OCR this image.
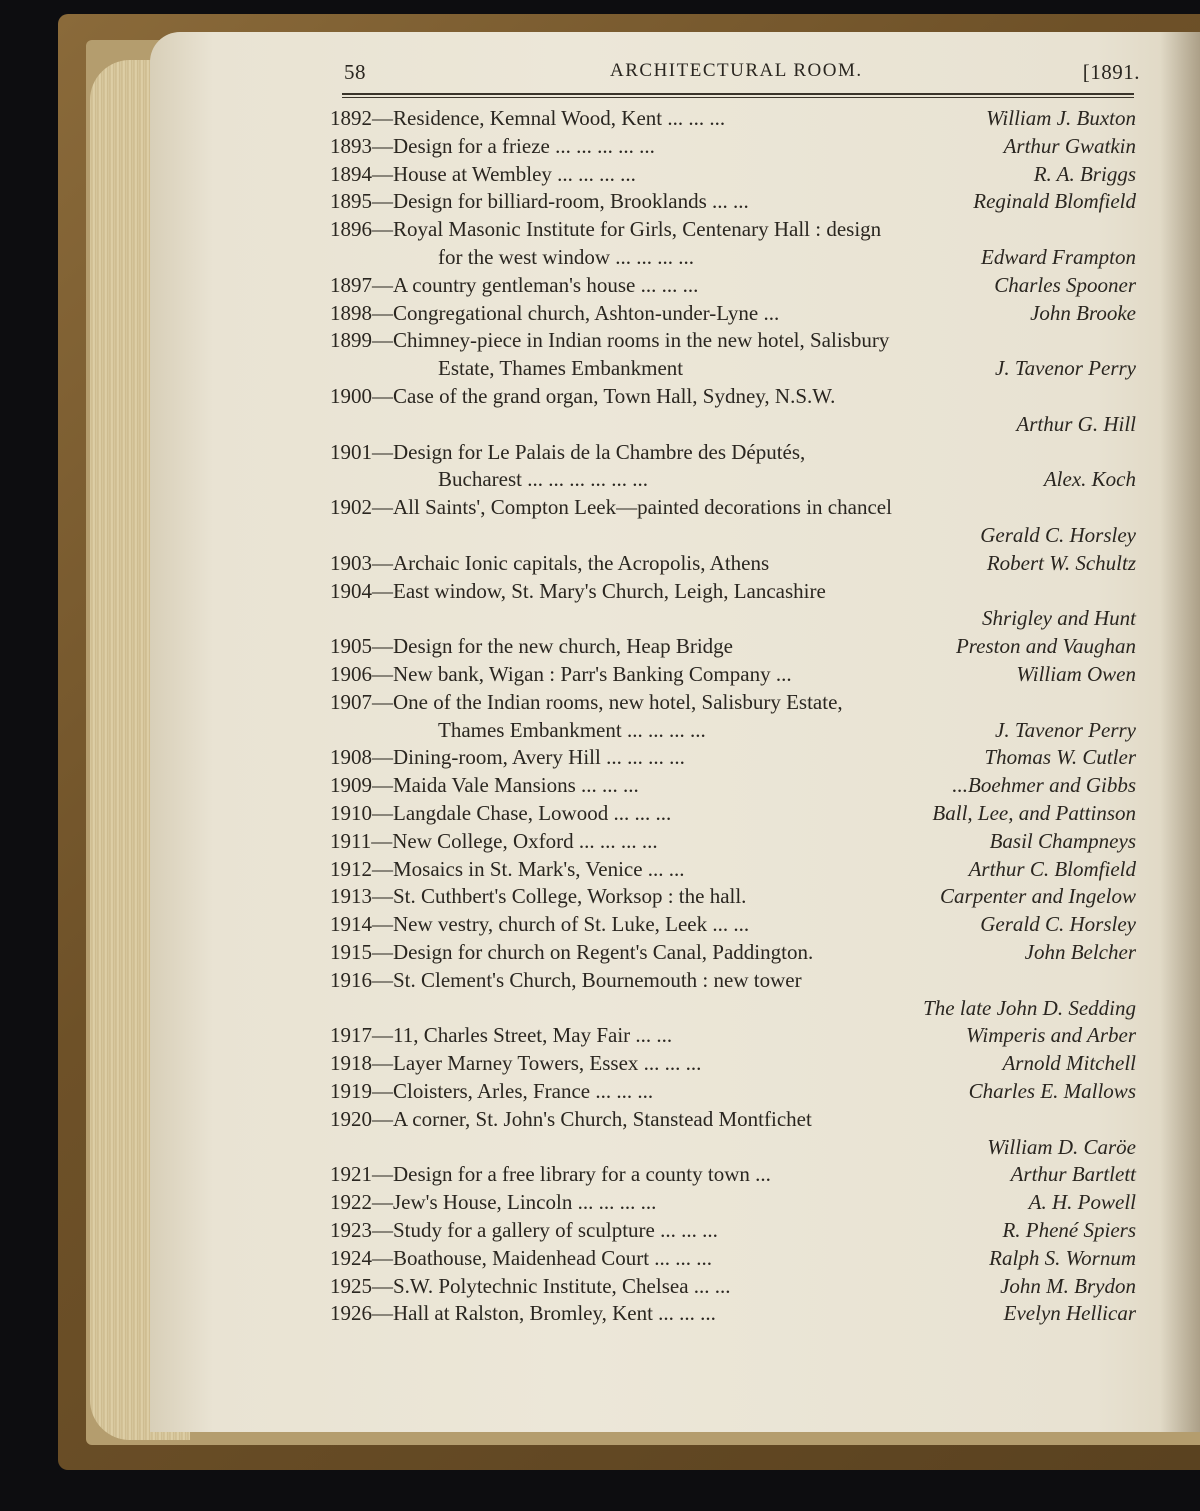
58	ARCHITECTURAL ROOM.	[1891.
1892—Residence, Kemnal Wood, Kent ... ... ...	William J. Buxton
1893—Design for a frieze ... ... ... ... ...	Arthur Gwatkin
1894—House at Wembley ... ... ... ...	R. A. Briggs
1895—Design for billiard-room, Brooklands ... ...	Reginald Blomfield
1896—Royal Masonic Institute for Girls, Centenary Hall : design
for the west window ... ... ... ...	Edward Frampton
1897—A country gentleman's house ... ... ...	Charles Spooner
1898—Congregational church, Ashton-under-Lyne ...	John Brooke
1899—Chimney-piece in Indian rooms in the new hotel, Salisbury
Estate, Thames Embankment	J. Tavenor Perry
1900—Case of the grand organ, Town Hall, Sydney, N.S.W.
Arthur G. Hill
1901—Design for Le Palais de la Chambre des Députés,
Bucharest ... ... ... ... ... ...	Alex. Koch
1902—All Saints', Compton Leek—painted decorations in chancel
Gerald C. Horsley
1903—Archaic Ionic capitals, the Acropolis, Athens	Robert W. Schultz
1904—East window, St. Mary's Church, Leigh, Lancashire
Shrigley and Hunt
1905—Design for the new church, Heap Bridge	Preston and Vaughan
1906—New bank, Wigan : Parr's Banking Company ...	William Owen
1907—One of the Indian rooms, new hotel, Salisbury Estate,
Thames Embankment ... ... ... ...	J. Tavenor Perry
1908—Dining-room, Avery Hill ... ... ... ...	Thomas W. Cutler
1909—Maida Vale Mansions ... ... ...	...Boehmer and Gibbs
1910—Langdale Chase, Lowood ... ... ...	Ball, Lee, and Pattinson
1911—New College, Oxford ... ... ... ...	Basil Champneys
1912—Mosaics in St. Mark's, Venice ... ...	Arthur C. Blomfield
1913—St. Cuthbert's College, Worksop : the hall.	Carpenter and Ingelow
1914—New vestry, church of St. Luke, Leek ... ...	Gerald C. Horsley
1915—Design for church on Regent's Canal, Paddington.	John Belcher
1916—St. Clement's Church, Bournemouth : new tower
The late John D. Sedding
1917—11, Charles Street, May Fair ... ...	Wimperis and Arber
1918—Layer Marney Towers, Essex ... ... ...	Arnold Mitchell
1919—Cloisters, Arles, France ... ... ...	Charles E. Mallows
1920—A corner, St. John's Church, Stanstead Montfichet
William D. Caröe
1921—Design for a free library for a county town ...	Arthur Bartlett
1922—Jew's House, Lincoln ... ... ... ...	A. H. Powell
1923—Study for a gallery of sculpture ... ... ...	R. Phené Spiers
1924—Boathouse, Maidenhead Court ... ... ...	Ralph S. Wornum
1925—S.W. Polytechnic Institute, Chelsea ... ...	John M. Brydon
1926—Hall at Ralston, Bromley, Kent ... ... ...	Evelyn Hellicar
